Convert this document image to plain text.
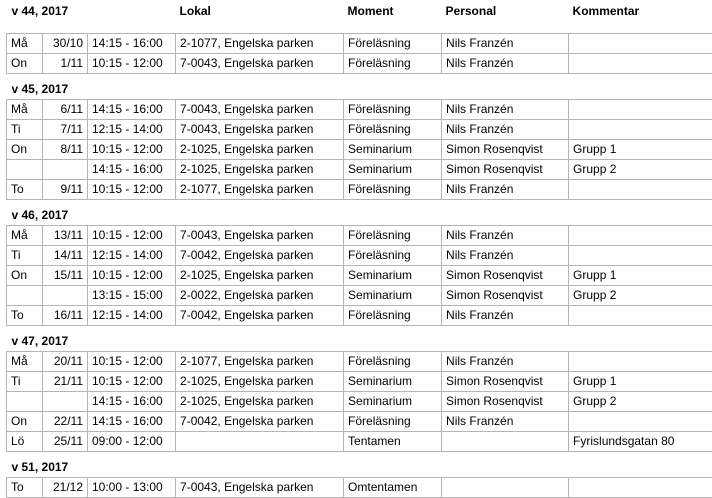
v 44, 2017			Lokal	Moment	Personal	Kommentar
Må	30/10	14:15 - 16:00	2-1077, Engelska parken	Föreläsning	Nils Franzén	
On	1/11	10:15 - 12:00	7-0043, Engelska parken	Föreläsning	Nils Franzén	
v 45, 2017						
Må	6/11	14:15 - 16:00	7-0043, Engelska parken	Föreläsning	Nils Franzén	
Ti	7/11	12:15 - 14:00	7-0043, Engelska parken	Föreläsning	Nils Franzén	
On	8/11	10:15 - 12:00	2-1025, Engelska parken	Seminarium	Simon Rosenqvist	Grupp 1
		14:15 - 16:00	2-1025, Engelska parken	Seminarium	Simon Rosenqvist	Grupp 2
To	9/11	10:15 - 12:00	2-1077, Engelska parken	Föreläsning	Nils Franzén	
v 46, 2017						
Må	13/11	10:15 - 12:00	7-0043, Engelska parken	Föreläsning	Nils Franzén	
Ti	14/11	12:15 - 14:00	7-0042, Engelska parken	Föreläsning	Nils Franzén	
On	15/11	10:15 - 12:00	2-1025, Engelska parken	Seminarium	Simon Rosenqvist	Grupp 1
		13:15 - 15:00	2-0022, Engelska parken	Seminarium	Simon Rosenqvist	Grupp 2
To	16/11	12:15 - 14:00	7-0042, Engelska parken	Föreläsning	Nils Franzén	
v 47, 2017						
Må	20/11	10:15 - 12:00	2-1077, Engelska parken	Föreläsning	Nils Franzén	
Ti	21/11	10:15 - 12:00	2-1025, Engelska parken	Seminarium	Simon Rosenqvist	Grupp 1
		14:15 - 16:00	2-1025, Engelska parken	Seminarium	Simon Rosenqvist	Grupp 2
On	22/11	14:15 - 16:00	7-0042, Engelska parken	Föreläsning	Nils Franzén	
Lö	25/11	09:00 - 12:00		Tentamen		Fyrislundsgatan 80
v 51, 2017						
To	21/12	10:00 - 13:00	7-0043, Engelska parken	Omtentamen		
